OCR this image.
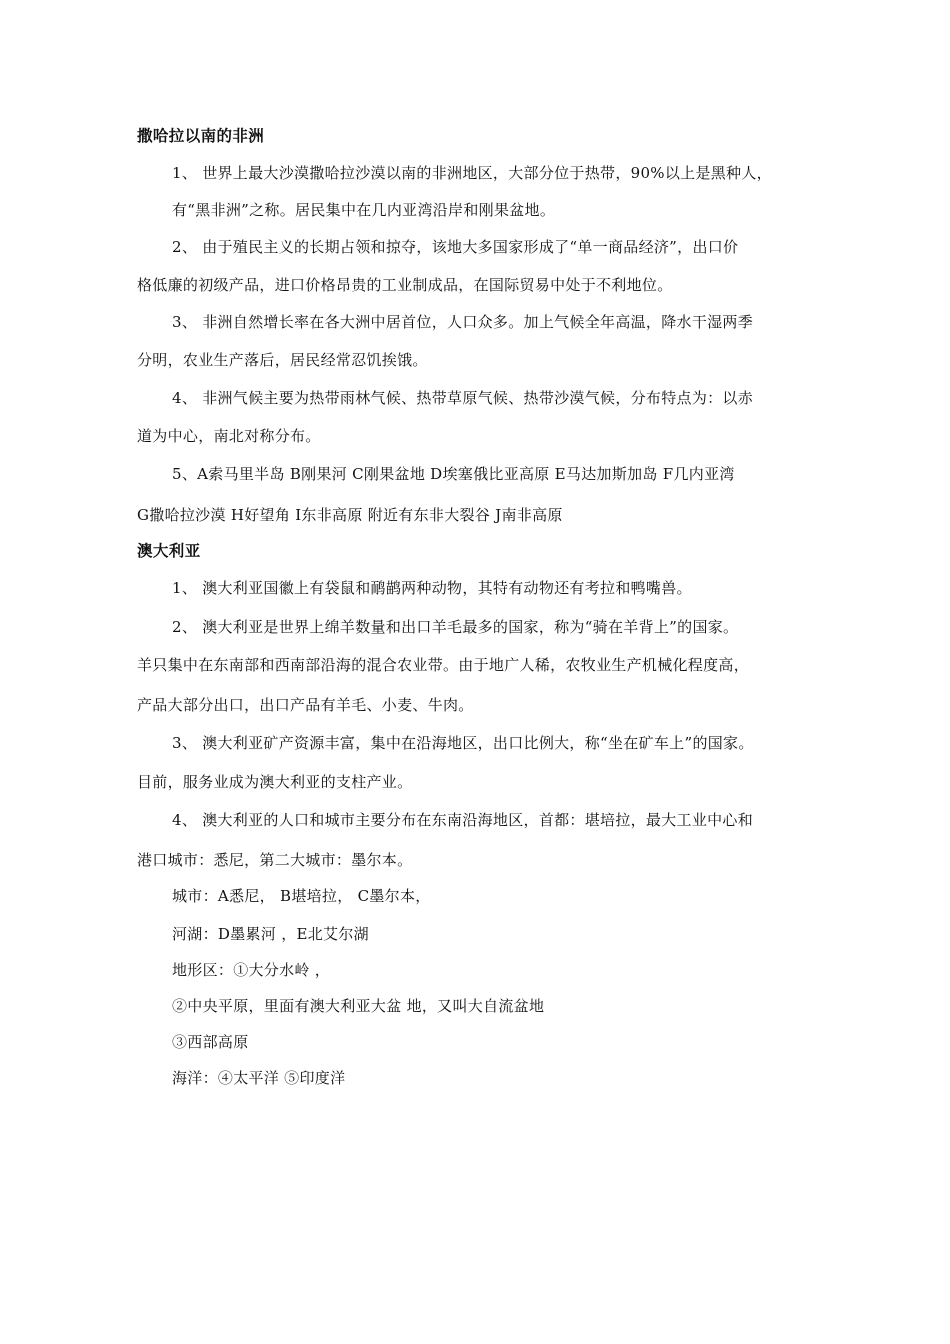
撒哈拉以南的非洲
1、 世界上最大沙漠撒哈拉沙漠以南的非洲地区，大部分位于热带，90%以上是黑种人，
有“黑非洲”之称。居民集中在几内亚湾沿岸和刚果盆地。
2、 由于殖民主义的长期占领和掠夺，该地大多国家形成了“单一商品经济”，出口价
格低廉的初级产品，进口价格昂贵的工业制成品，在国际贸易中处于不利地位。
3、 非洲自然增长率在各大洲中居首位，人口众多。加上气候全年高温，降水干湿两季
分明，农业生产落后，居民经常忍饥挨饿。
4、 非洲气候主要为热带雨林气候、热带草原气候、热带沙漠气候，分布特点为：以赤
道为中心，南北对称分布。
5、A索马里半岛 B刚果河 C刚果盆地 D埃塞俄比亚高原 E马达加斯加岛 F几内亚湾
G撒哈拉沙漠 H好望角 I东非高原 附近有东非大裂谷 J南非高原
澳大利亚
1、 澳大利亚国徽上有袋鼠和鸸鹋两种动物，其特有动物还有考拉和鸭嘴兽。
2、 澳大利亚是世界上绵羊数量和出口羊毛最多的国家，称为“骑在羊背上”的国家。
羊只集中在东南部和西南部沿海的混合农业带。由于地广人稀，农牧业生产机械化程度高，
产品大部分出口，出口产品有羊毛、小麦、牛肉。
3、 澳大利亚矿产资源丰富，集中在沿海地区，出口比例大，称“坐在矿车上”的国家。
目前，服务业成为澳大利亚的支柱产业。
4、 澳大利亚的人口和城市主要分布在东南沿海地区，首都：堪培拉，最大工业中心和
港口城市：悉尼，第二大城市：墨尔本。
城市：A悉尼， B堪培拉， C墨尔本，
河湖：D墨累河 ，E北艾尔湖
地形区：①大分水岭 ，
②中央平原，里面有澳大利亚大盆 地，又叫大自流盆地
③西部高原
海洋：④太平洋 ⑤印度洋
